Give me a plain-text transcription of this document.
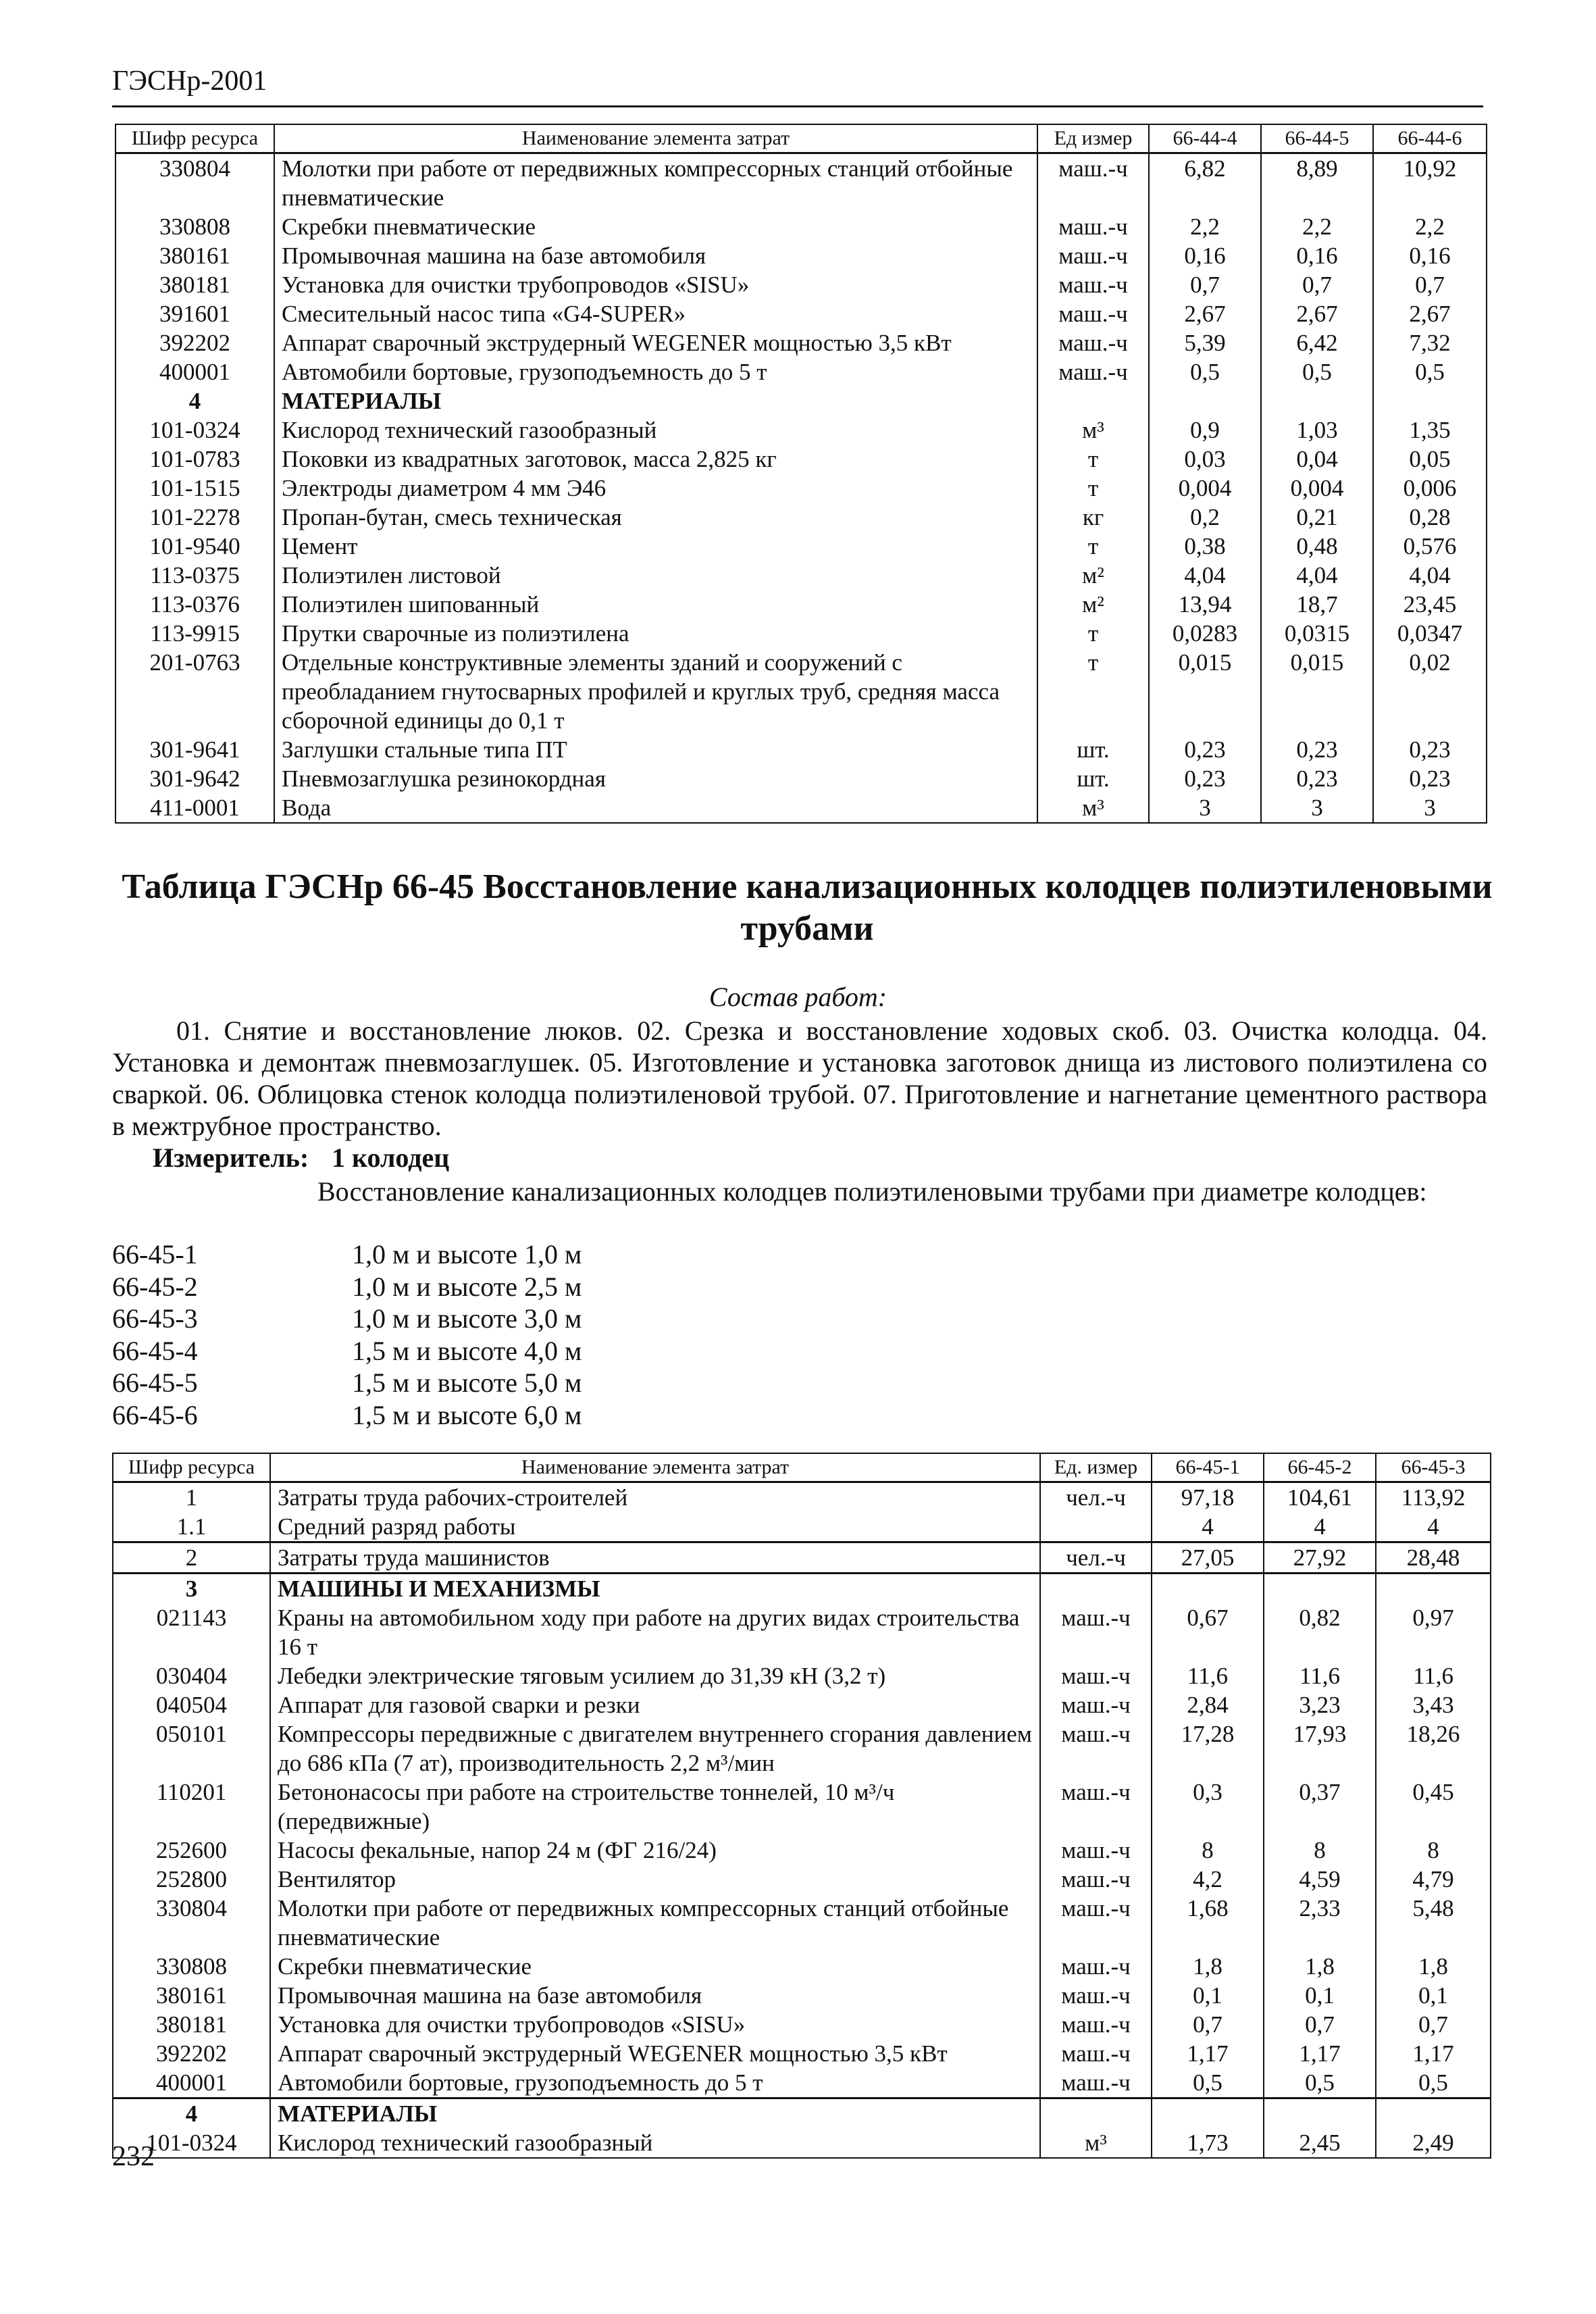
ГЭСНр-2001
Шифр ресурса	Наименование элемента затрат	Ед измер	66-44-4	66-44-5	66-44-6
330804	Молотки при работе от передвижных компрессорных станций отбойные пневматические	маш.-ч	6,82	8,89	10,92
330808	Скребки пневматические	маш.-ч	2,2	2,2	2,2
380161	Промывочная машина на базе автомобиля	маш.-ч	0,16	0,16	0,16
380181	Установка для очистки трубопроводов «SISU»	маш.-ч	0,7	0,7	0,7
391601	Смесительный насос типа «G4-SUPER»	маш.-ч	2,67	2,67	2,67
392202	Аппарат сварочный экструдерный WEGENER мощностью 3,5 кВт	маш.-ч	5,39	6,42	7,32
400001	Автомобили бортовые, грузоподъемность до 5 т	маш.-ч	0,5	0,5	0,5
4	МАТЕРИАЛЫ				
101-0324	Кислород технический газообразный	м³	0,9	1,03	1,35
101-0783	Поковки из квадратных заготовок, масса 2,825 кг	т	0,03	0,04	0,05
101-1515	Электроды диаметром 4 мм Э46	т	0,004	0,004	0,006
101-2278	Пропан-бутан, смесь техническая	кг	0,2	0,21	0,28
101-9540	Цемент	т	0,38	0,48	0,576
113-0375	Полиэтилен листовой	м²	4,04	4,04	4,04
113-0376	Полиэтилен шипованный	м²	13,94	18,7	23,45
113-9915	Прутки сварочные из полиэтилена	т	0,0283	0,0315	0,0347
201-0763	Отдельные конструктивные элементы зданий и сооружений с преобладанием гнутосварных профилей и круглых труб, средняя масса сборочной единицы до 0,1 т	т	0,015	0,015	0,02
301-9641	Заглушки стальные типа ПТ	шт.	0,23	0,23	0,23
301-9642	Пневмозаглушка резинокордная	шт.	0,23	0,23	0,23
411-0001	Вода	м³	3	3	3
Таблица ГЭСНр 66-45 Восстановление канализационных колодцев полиэтиленовыми трубами
Состав работ:
01. Снятие и восстановление люков. 02. Срезка и восстановление ходовых скоб. 03. Очистка колодца. 04. Установка и демонтаж пневмозаглушек. 05. Изготовление и установка заготовок днища из листового полиэтилена со сваркой. 06. Облицовка стенок колодца полиэтиленовой трубой. 07. Приготовление и нагнетание цементного раствора в межтрубное пространство.
Измеритель: 1 колодец
Восстановление канализационных колодцев полиэтиленовыми трубами при диаметре колодцев:
66-45-1	1,0 м и высоте 1,0 м
66-45-2	1,0 м и высоте 2,5 м
66-45-3	1,0 м и высоте 3,0 м
66-45-4	1,5 м и высоте 4,0 м
66-45-5	1,5 м и высоте 5,0 м
66-45-6	1,5 м и высоте 6,0 м
Шифр ресурса	Наименование элемента затрат	Ед. измер	66-45-1	66-45-2	66-45-3
1	Затраты труда рабочих-строителей	чел.-ч	97,18	104,61	113,92
1.1	Средний разряд работы		4	4	4
2	Затраты труда машинистов	чел.-ч	27,05	27,92	28,48
3	МАШИНЫ И МЕХАНИЗМЫ				
021143	Краны на автомобильном ходу при работе на других видах строительства 16 т	маш.-ч	0,67	0,82	0,97
030404	Лебедки электрические тяговым усилием до 31,39 кН (3,2 т)	маш.-ч	11,6	11,6	11,6
040504	Аппарат для газовой сварки и резки	маш.-ч	2,84	3,23	3,43
050101	Компрессоры передвижные с двигателем внутреннего сгорания давлением до 686 кПа (7 ат), производительность 2,2 м³/мин	маш.-ч	17,28	17,93	18,26
110201	Бетононасосы при работе на строительстве тоннелей, 10 м³/ч (передвижные)	маш.-ч	0,3	0,37	0,45
252600	Насосы фекальные, напор 24 м (ФГ 216/24)	маш.-ч	8	8	8
252800	Вентилятор	маш.-ч	4,2	4,59	4,79
330804	Молотки при работе от передвижных компрессорных станций отбойные пневматические	маш.-ч	1,68	2,33	5,48
330808	Скребки пневматические	маш.-ч	1,8	1,8	1,8
380161	Промывочная машина на базе автомобиля	маш.-ч	0,1	0,1	0,1
380181	Установка для очистки трубопроводов «SISU»	маш.-ч	0,7	0,7	0,7
392202	Аппарат сварочный экструдерный WEGENER мощностью 3,5 кВт	маш.-ч	1,17	1,17	1,17
400001	Автомобили бортовые, грузоподъемность до 5 т	маш.-ч	0,5	0,5	0,5
4	МАТЕРИАЛЫ				
101-0324	Кислород технический газообразный	м³	1,73	2,45	2,49
232
